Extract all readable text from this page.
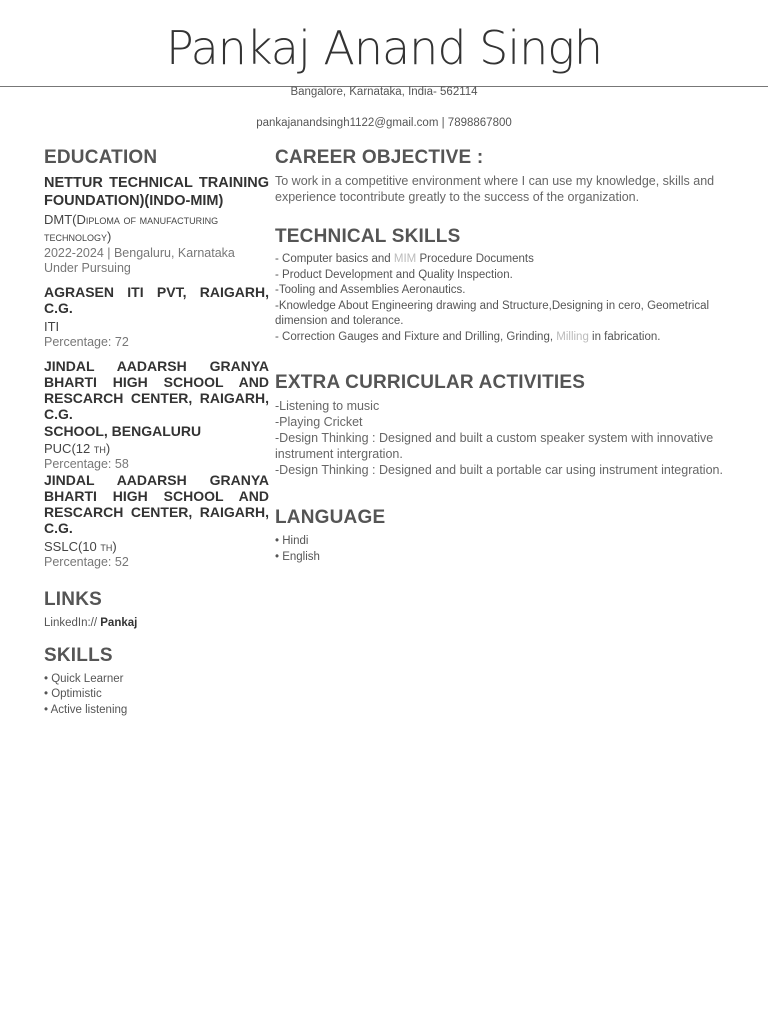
Pankaj Anand Singh
Bangalore, Karnataka, India- 562114
pankajanandsingh1122@gmail.com | 7898867800
EDUCATION
NETTUR TECHNICAL TRAINING FOUNDATION)(INDO-MIM)
DMT(Diploma of manufacturing technology)
2022-2024 | Bengaluru, Karnataka
Under Pursuing
AGRASEN ITI PVT, RAIGARH, C.G.
ITI
Percentage: 72
JINDAL AADARSH GRANYA BHARTI HIGH SCHOOL AND RESCARCH CENTER, RAIGARH, C.G.
SCHOOL, BENGALURU
PUC(12 th)
Percentage: 58
JINDAL AADARSH GRANYA BHARTI HIGH SCHOOL AND RESCARCH CENTER, RAIGARH, C.G.
SSLC(10 th)
Percentage: 52
LINKS
LinkedIn:// Pankaj
SKILLS
• Quick Learner
• Optimistic
• Active listening
CAREER OBJECTIVE :
To work in a competitive environment where I can use my knowledge, skills and experience tocontribute greatly to the success of the organization.
TECHNICAL SKILLS
- Computer basics and MIM Procedure Documents
- Product Development and Quality Inspection.
-Tooling and Assemblies Aeronautics.
-Knowledge About Engineering drawing and Structure,Designing in cero, Geometrical dimension and tolerance.
- Correction Gauges and Fixture and Drilling, Grinding, Milling in fabrication.
EXTRA CURRICULAR ACTIVITIES
-Listening to music
-Playing Cricket
-Design Thinking : Designed and built a custom speaker system with innovative instrument intergration.
-Design Thinking : Designed and built a portable car using instrument integration.
LANGUAGE
• Hindi
• English
